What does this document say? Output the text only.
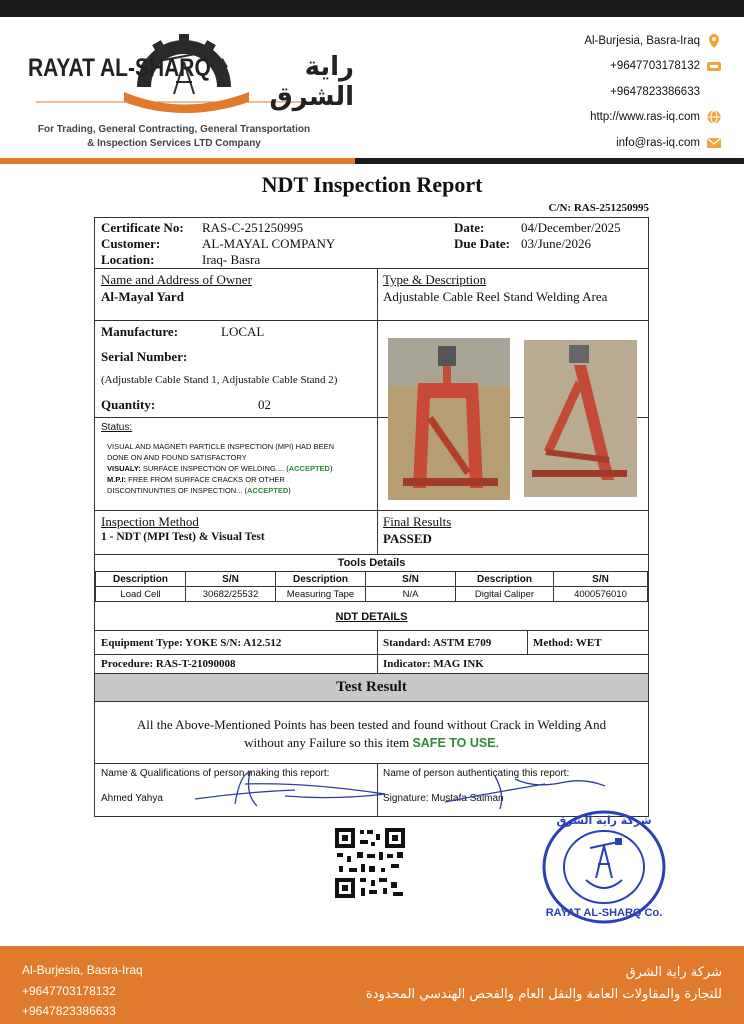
RAYAT AL-SHARQ	راية الشرق
For Trading, General Contracting, General Transportation
& Inspection Services LTD Company
Al-Burjesia, Basra-Iraq
+9647703178132
+9647823386633
http://www.ras-iq.com
info@ras-iq.com
NDT Inspection Report
C/N: RAS-251250995
Certificate No: RAS-C-251250995
Customer:	AL-MAYAL COMPANY
Location:	Iraq- Basra
Date:	04/December/2025
Due Date: 03/June/2026
Name and Address of Owner
Al-Mayal Yard
Type & Description
Adjustable Cable Reel Stand Welding Area
Manufacture:	LOCAL
Serial Number:
(Adjustable Cable Stand 1, Adjustable Cable Stand 2)
Quantity:	02
Status:
VISUAL AND MAGNETI PARTICLE INSPECTION (MPI) HAD BEEN
DONE ON AND FOUND SATISFACTORY
VISUALY: SURFACE INSPECTION OF WELDING.... (ACCEPTED)
M.P.I: FREE FROM SURFACE CRACKS OR OTHER
DISCONTINUNTIES OF INSPECTION... (ACCEPTED)
Inspection Method
1 - NDT (MPI Test) & Visual Test
Final Results
PASSED
Tools Details
Description	S/N	Description	S/N	Description	S/N
Load Cell	30682/25532	Measuring Tape	N/A	Digital Caliper	4000576010
NDT DETAILS
Equipment Type: YOKE S/N: A12.512	Standard: ASTM E709	Method: WET
Procedure: RAS-T-21090008	Indicator: MAG INK
Test Result
All the Above-Mentioned Points has been tested and found without Crack in Welding And
without any Failure so this item SAFE TO USE.
Name & Qualifications of person making this report:
Ahmed Yahya
Name of person authenticating this report:
Signature: Mustafa Salman
RAYAT AL-SHARQ Co.
شركة راية الشرق
Al-Burjesia, Basra-Iraq
+9647703178132
+9647823386633
شركة راية الشرق
للتجارة والمقاولات العامة والنقل العام والفحص الهندسي المحدودة
